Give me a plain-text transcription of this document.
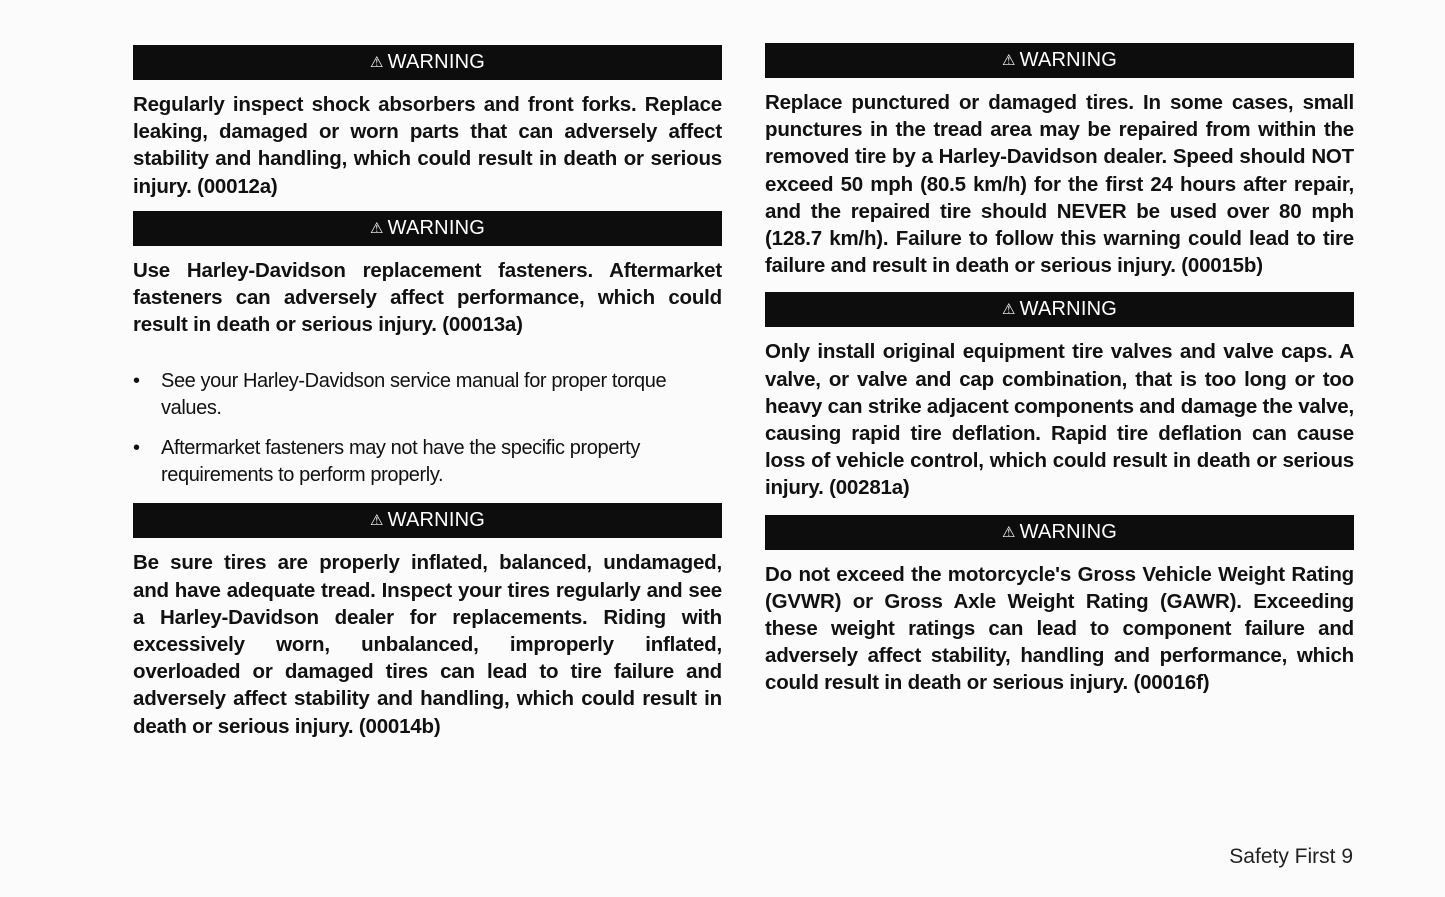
⚠ WARNING

Regularly inspect shock absorbers and front forks. Replace leaking, damaged or worn parts that can adversely affect stability and handling, which could result in death or serious injury. (00012a)

⚠ WARNING

Use Harley-Davidson replacement fasteners. Aftermarket fasteners can adversely affect performance, which could result in death or serious injury. (00013a)

• See your Harley-Davidson service manual for proper torque values.
• Aftermarket fasteners may not have the specific property requirements to perform properly.
⚠ WARNING

Be sure tires are properly inflated, balanced, undamaged, and have adequate tread. Inspect your tires regularly and see a Harley-Davidson dealer for replacements. Riding with excessively worn, unbalanced, improperly inflated, overloaded or damaged tires can lead to tire failure and adversely affect stability and handling, which could result in death or serious injury. (00014b)

⚠ WARNING

Replace punctured or damaged tires. In some cases, small punctures in the tread area may be repaired from within the removed tire by a Harley-Davidson dealer. Speed should NOT exceed 50 mph (80.5 km/h) for the first 24 hours after repair, and the repaired tire should NEVER be used over 80 mph (128.7 km/h). Failure to follow this warning could lead to tire failure and result in death or serious injury. (00015b)

⚠ WARNING

Only install original equipment tire valves and valve caps. A valve, or valve and cap combination, that is too long or too heavy can strike adjacent components and damage the valve, causing rapid tire deflation. Rapid tire deflation can cause loss of vehicle control, which could result in death or serious injury. (00281a)

⚠ WARNING

Do not exceed the motorcycle's Gross Vehicle Weight Rating (GVWR) or Gross Axle Weight Rating (GAWR). Exceeding these weight ratings can lead to component failure and adversely affect stability, handling and performance, which could result in death or serious injury. (00016f)

Safety First 9
